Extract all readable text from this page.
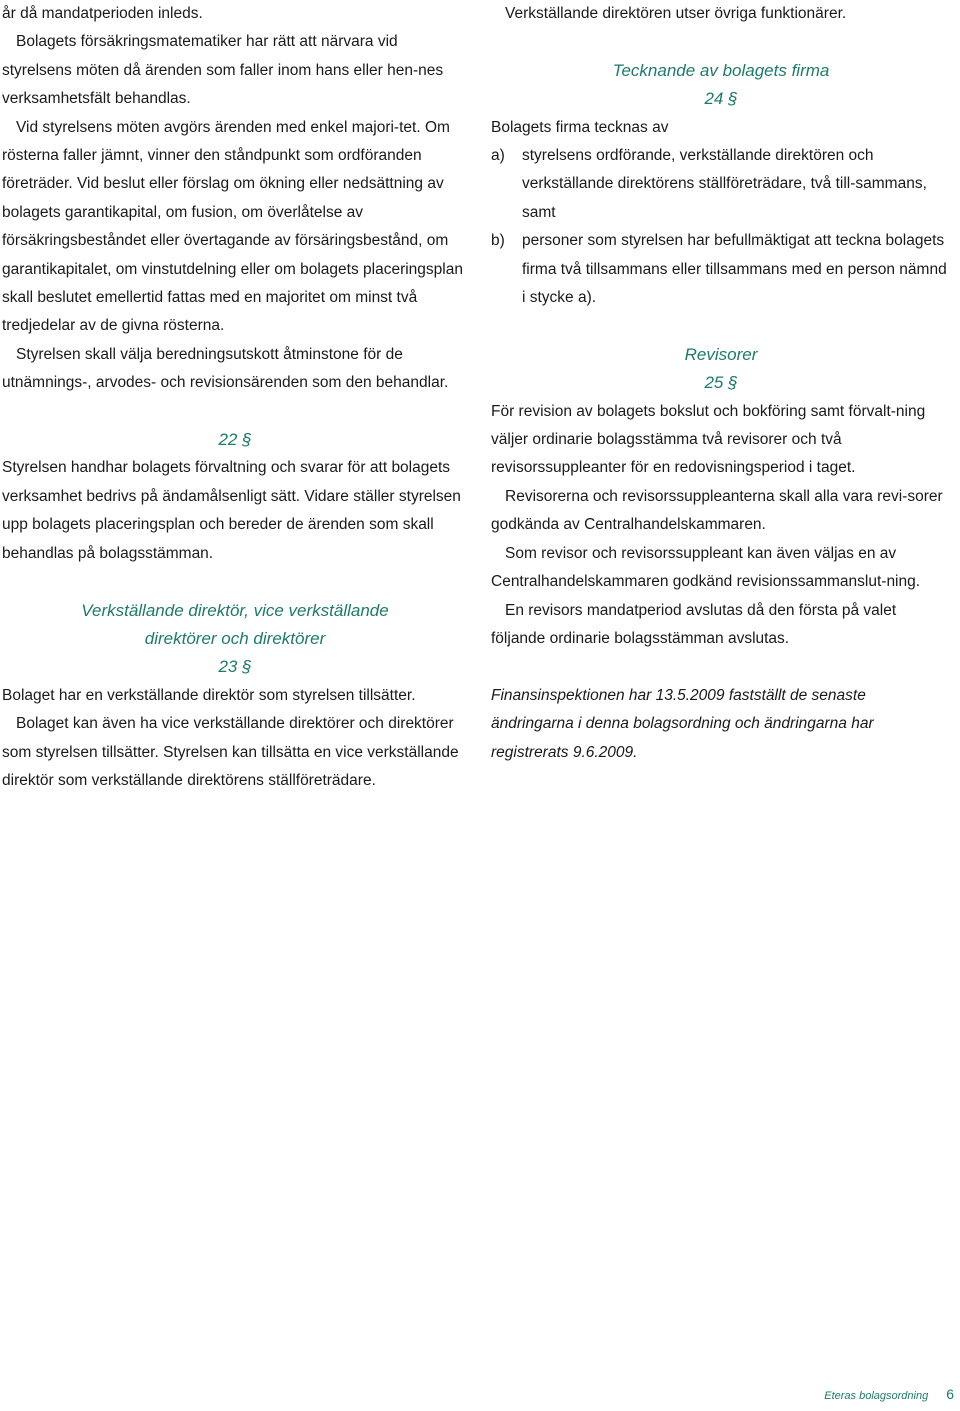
år då mandatperioden inleds.

Bolagets försäkringsmatematiker har rätt att närvara vid styrelsens möten då ärenden som faller inom hans eller hen-nes verksamhetsfält behandlas.

Vid styrelsens möten avgörs ärenden med enkel majori-tet. Om rösterna faller jämnt, vinner den ståndpunkt som ordföranden företräder. Vid beslut eller förslag om ökning eller nedsättning av bolagets garantikapital, om fusion, om överlåtelse av försäkringsbeståndet eller övertagande av försäringsbestånd, om garantikapitalet, om vinstutdelning eller om bolagets placeringsplan skall beslutet emellertid fattas med en majoritet om minst två tredjedelar av de givna rösterna.

Styrelsen skall välja beredningsutskott åtminstone för de utnämnings-, arvodes- och revisionsärenden som den behandlar.

22 §

Styrelsen handhar bolagets förvaltning och svarar för att bolagets verksamhet bedrivs på ändamålsenligt sätt. Vidare ställer styrelsen upp bolagets placeringsplan och bereder de ärenden som skall behandlas på bolagsstämman.

Verkställande direktör, vice verkställande

direktörer och direktörer

23 §

Bolaget har en verkställande direktör som styrelsen tillsätter.

Bolaget kan även ha vice verkställande direktörer och direktörer som styrelsen tillsätter. Styrelsen kan tillsätta en vice verkställande direktör som verkställande direktörens ställföreträdare.

Verkställande direktören utser övriga funktionärer.

Tecknande av bolagets firma

24 §

Bolagets firma tecknas av

a)	styrelsens ordförande, verkställande direktören och verkställande direktörens ställföreträdare, två till-sammans, samt
b)	personer som styrelsen har befullmäktigat att teckna bolagets firma två tillsammans eller tillsammans med en person nämnd i stycke a).

Revisorer

25 §

För revision av bolagets bokslut och bokföring samt förvalt-ning väljer ordinarie bolagsstämma två revisorer och två revisorssuppleanter för en redovisningsperiod i taget.

Revisorerna och revisorssuppleanterna skall alla vara revi-sorer godkända av Centralhandelskammaren.

Som revisor och revisorssuppleant kan även väljas en av Centralhandelskammaren godkänd revisionssammanslut-ning.

En revisors mandatperiod avslutas då den första på valet följande ordinarie bolagsstämman avslutas.

Finansinspektionen har 13.5.2009 fastställt de senaste ändringarna i denna bolagsordning och ändringarna har registrerats 9.6.2009.

Eteras bolagsordning 6
